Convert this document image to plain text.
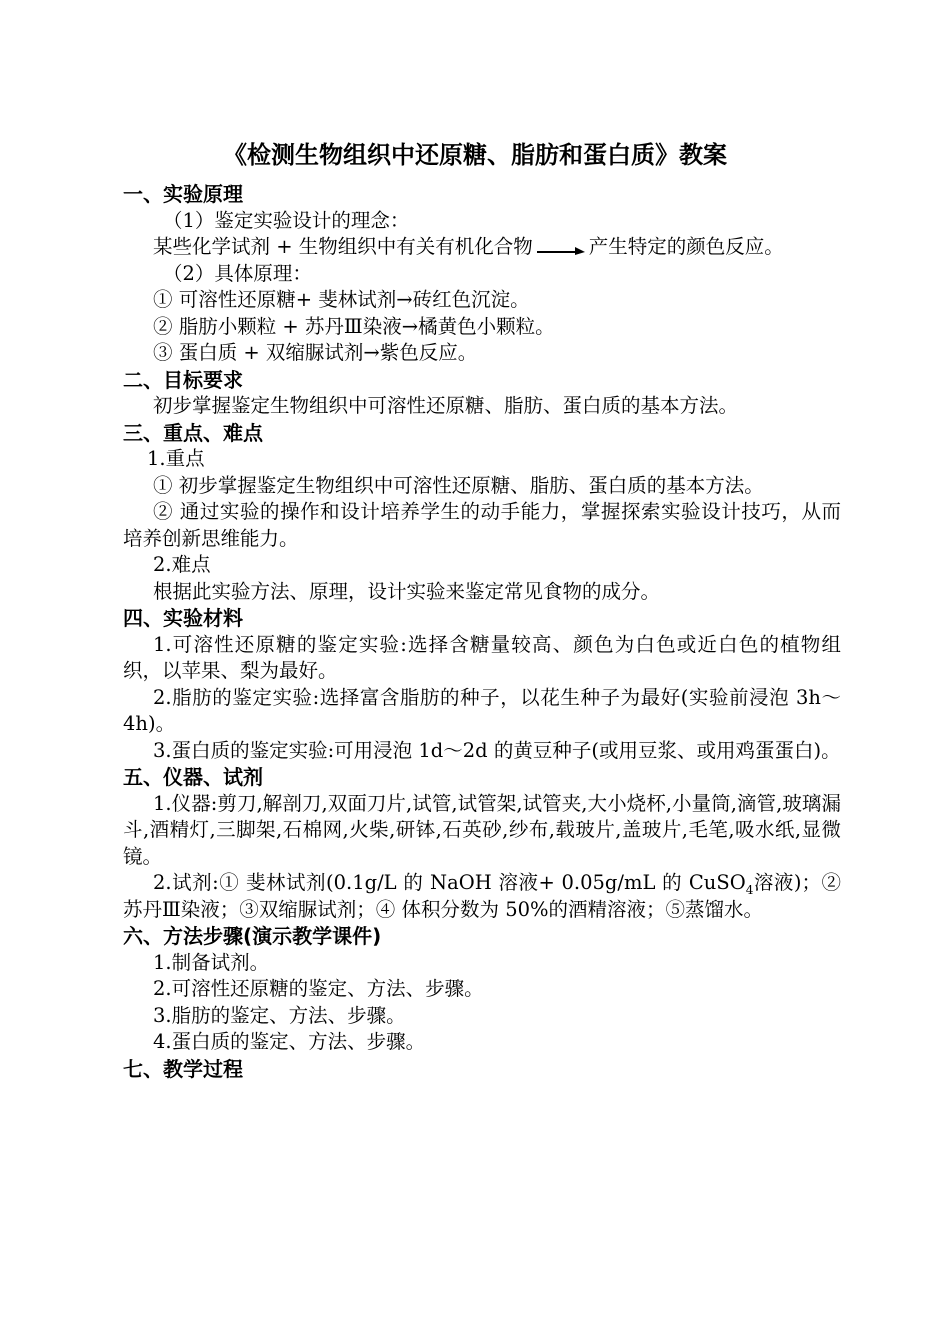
《检测生物组织中还原糖、脂肪和蛋白质》教案
一、实验原理
（1）鉴定实验设计的理念：
某些化学试剂 + 生物组织中有关有机化合物	产生特定的颜色反应。
（2）具体原理：
① 可溶性还原糖+ 斐林试剂→砖红色沉淀。
② 脂肪小颗粒 + 苏丹Ⅲ染液→橘黄色小颗粒。
③ 蛋白质 + 双缩脲试剂→紫色反应。
二、目标要求
初步掌握鉴定生物组织中可溶性还原糖、脂肪、蛋白质的基本方法。
三、重点、难点
1.重点
① 初步掌握鉴定生物组织中可溶性还原糖、脂肪、蛋白质的基本方法。
② 通过实验的操作和设计培养学生的动手能力，掌握探索实验设计技巧，从而培养创新思维能力。
2.难点
根据此实验方法、原理，设计实验来鉴定常见食物的成分。
四、实验材料
1.可溶性还原糖的鉴定实验:选择含糖量较高、颜色为白色或近白色的植物组织，以苹果、梨为最好。
2.脂肪的鉴定实验:选择富含脂肪的种子，以花生种子为最好(实验前浸泡 3h～4h)。
3.蛋白质的鉴定实验:可用浸泡 1d～2d 的黄豆种子(或用豆浆、或用鸡蛋蛋白)。
五、仪器、试剂
1.仪器:剪刀,解剖刀,双面刀片,试管,试管架,试管夹,大小烧杯,小量筒,滴管,玻璃漏斗,酒精灯,三脚架,石棉网,火柴,研钵,石英砂,纱布,载玻片,盖玻片,毛笔,吸水纸,显微镜。
2.试剂:① 斐林试剂(0.1g/L 的 NaOH 溶液+ 0.05g/mL 的 CuSO$_4$溶液)；②苏丹Ⅲ染液；③双缩脲试剂；④ 体积分数为 50%的酒精溶液；⑤蒸馏水。
六、方法步骤(演示教学课件)
1.制备试剂。
2.可溶性还原糖的鉴定、方法、步骤。
3.脂肪的鉴定、方法、步骤。
4.蛋白质的鉴定、方法、步骤。
七、教学过程
